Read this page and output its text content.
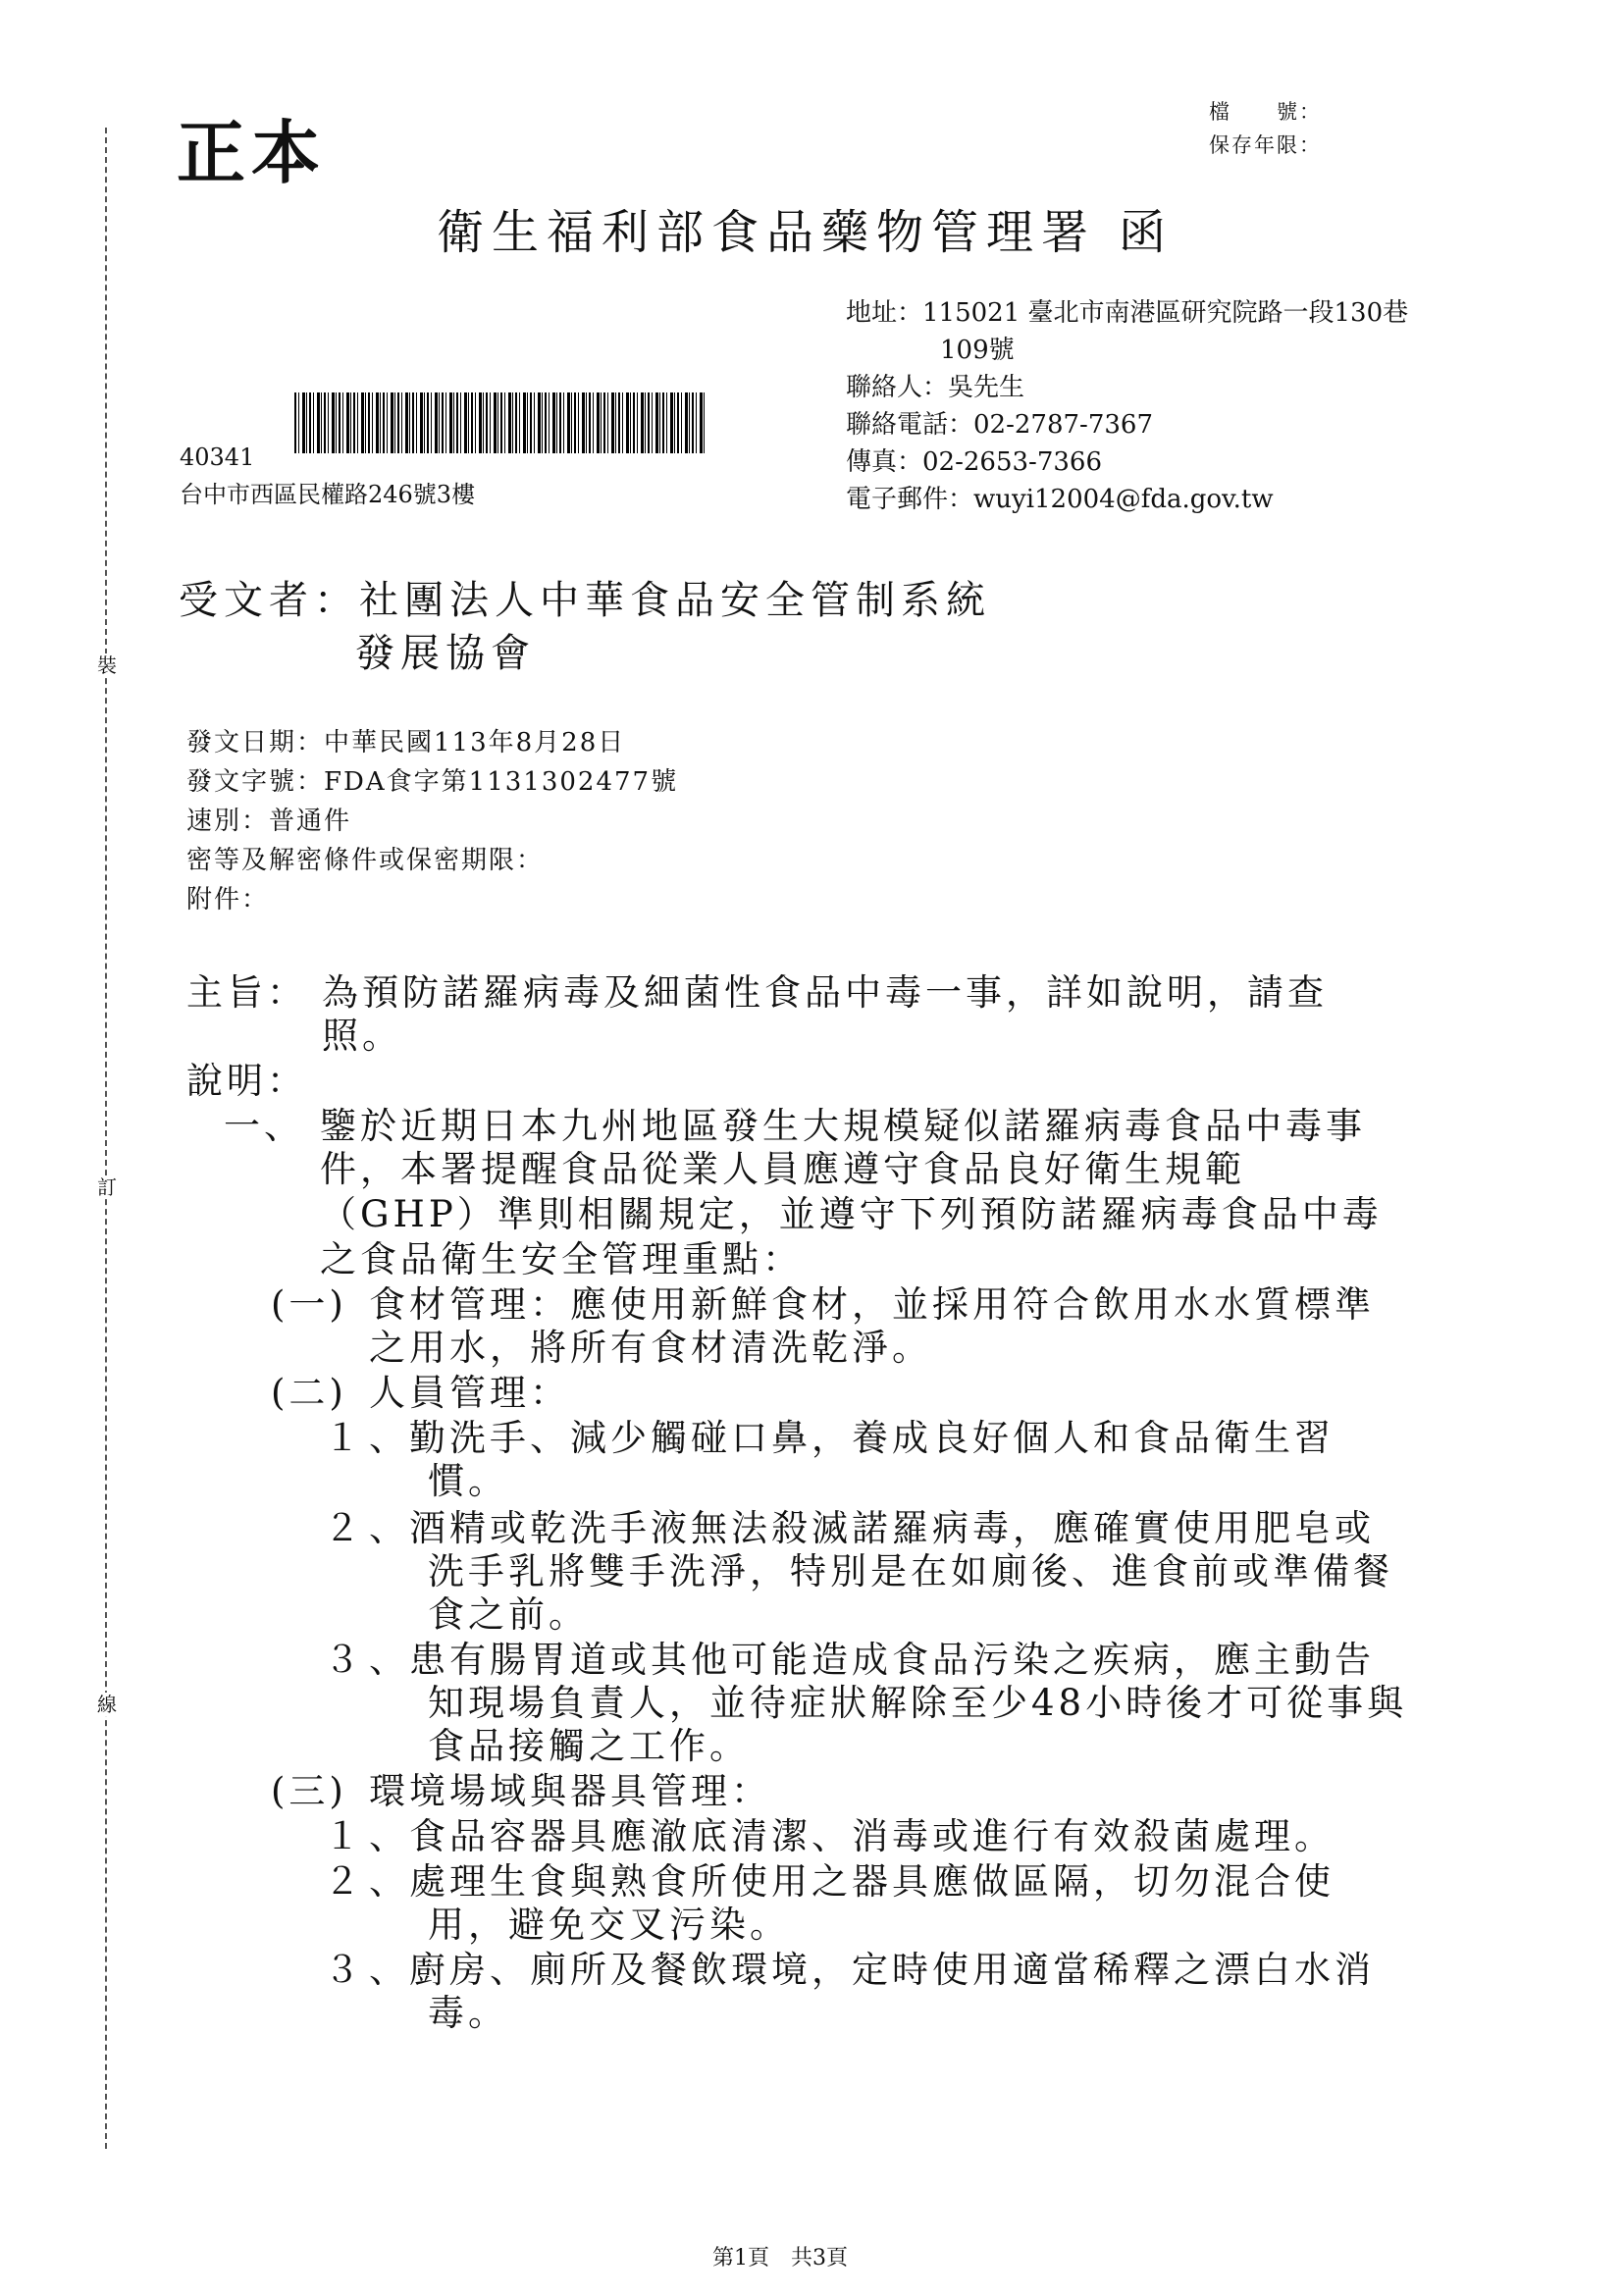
裝
訂
線
正本	檔　　號：
保存年限：
衛生福利部食品藥物管理署 函
地址：115021 臺北市南港區研究院路一段130巷
109號
聯絡人：吳先生
聯絡電話：02-2787-7367
傳真：02-2653-7366
電子郵件：wuyi12004@fda.gov.tw
40341
台中市西區民權路246號3樓
受文者：社團法人中華食品安全管制系統
發展協會
發文日期：中華民國113年8月28日
發文字號：FDA食字第1131302477號
速別：普通件
密等及解密條件或保密期限：
附件：
主旨： 為預防諾羅病毒及細菌性食品中毒一事，詳如說明，請查
照。
說明：
一、 鑒於近期日本九州地區發生大規模疑似諾羅病毒食品中毒事
件，本署提醒食品從業人員應遵守食品良好衛生規範
（GHP）準則相關規定，並遵守下列預防諾羅病毒食品中毒
之食品衛生安全管理重點：
(一) 食材管理：應使用新鮮食材，並採用符合飲用水水質標準
之用水，將所有食材清洗乾淨。
(二) 人員管理：
１ 、勤洗手、減少觸碰口鼻，養成良好個人和食品衛生習
慣。
２ 、酒精或乾洗手液無法殺滅諾羅病毒，應確實使用肥皂或
洗手乳將雙手洗淨，特別是在如廁後、進食前或準備餐
食之前。
３ 、患有腸胃道或其他可能造成食品污染之疾病，應主動告
知現場負責人，並待症狀解除至少48小時後才可從事與
食品接觸之工作。
(三) 環境場域與器具管理：
１ 、食品容器具應澈底清潔、消毒或進行有效殺菌處理。
２ 、處理生食與熟食所使用之器具應做區隔，切勿混合使
用，避免交叉污染。
３ 、廚房、廁所及餐飲環境，定時使用適當稀釋之漂白水消
毒。
第1頁　共3頁
